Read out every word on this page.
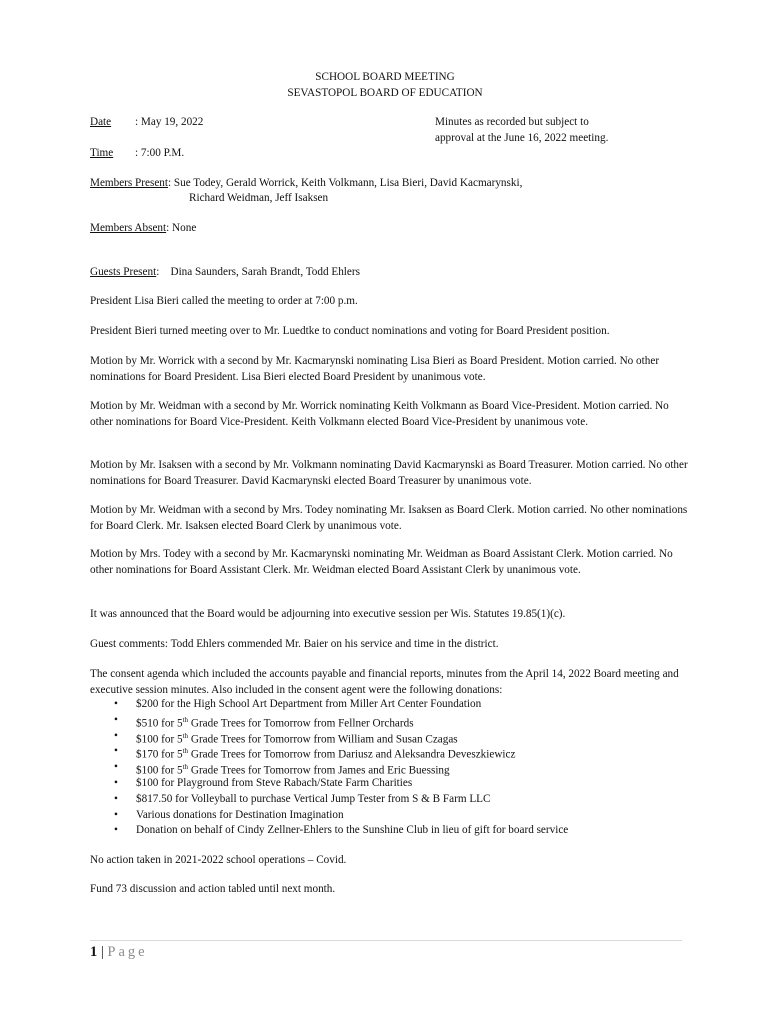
SCHOOL BOARD MEETING
SEVASTOPOL BOARD OF EDUCATION
Date : May 19, 2022	Minutes as recorded but subject to
approval at the June 16, 2022 meeting.
Time : 7:00 P.M.
Members Present: Sue Todey, Gerald Worrick, Keith Volkmann, Lisa Bieri, David Kacmarynski,
Richard Weidman, Jeff Isaksen
Members Absent: None
Guests Present:    Dina Saunders, Sarah Brandt, Todd Ehlers
President Lisa Bieri called the meeting to order at 7:00 p.m.
President Bieri turned meeting over to Mr. Luedtke to conduct nominations and voting for Board President position.
Motion by Mr. Worrick with a second by Mr. Kacmarynski nominating Lisa Bieri as Board President. Motion carried. No other nominations for Board President. Lisa Bieri elected Board President by unanimous vote.
Motion by Mr. Weidman with a second by Mr. Worrick nominating Keith Volkmann as Board Vice-President. Motion carried. No other nominations for Board Vice-President. Keith Volkmann elected Board Vice-President by unanimous vote.
Motion by Mr. Isaksen with a second by Mr. Volkmann nominating David Kacmarynski as Board Treasurer. Motion carried. No other nominations for Board Treasurer. David Kacmarynski elected Board Treasurer by unanimous vote.
Motion by Mr. Weidman with a second by Mrs. Todey nominating Mr. Isaksen as Board Clerk. Motion carried. No other nominations for Board Clerk. Mr. Isaksen elected Board Clerk by unanimous vote.
Motion by Mrs. Todey with a second by Mr. Kacmarynski nominating Mr. Weidman as Board Assistant Clerk. Motion carried. No other nominations for Board Assistant Clerk. Mr. Weidman elected Board Assistant Clerk by unanimous vote.
It was announced that the Board would be adjourning into executive session per Wis. Statutes 19.85(1)(c).
Guest comments: Todd Ehlers commended Mr. Baier on his service and time in the district.
The consent agenda which included the accounts payable and financial reports, minutes from the April 14, 2022 Board meeting and executive session minutes. Also included in the consent agent were the following donations:
• $200 for the High School Art Department from Miller Art Center Foundation
• $510 for 5th Grade Trees for Tomorrow from Fellner Orchards
• $100 for 5th Grade Trees for Tomorrow from William and Susan Czagas
• $170 for 5th Grade Trees for Tomorrow from Dariusz and Aleksandra Deveszkiewicz
• $100 for 5th Grade Trees for Tomorrow from James and Eric Buessing
• $100 for Playground from Steve Rabach/State Farm Charities
• $817.50 for Volleyball to purchase Vertical Jump Tester from S & B Farm LLC
• Various donations for Destination Imagination
• Donation on behalf of Cindy Zellner-Ehlers to the Sunshine Club in lieu of gift for board service
No action taken in 2021-2022 school operations – Covid.
Fund 73 discussion and action tabled until next month.
1 | Page
